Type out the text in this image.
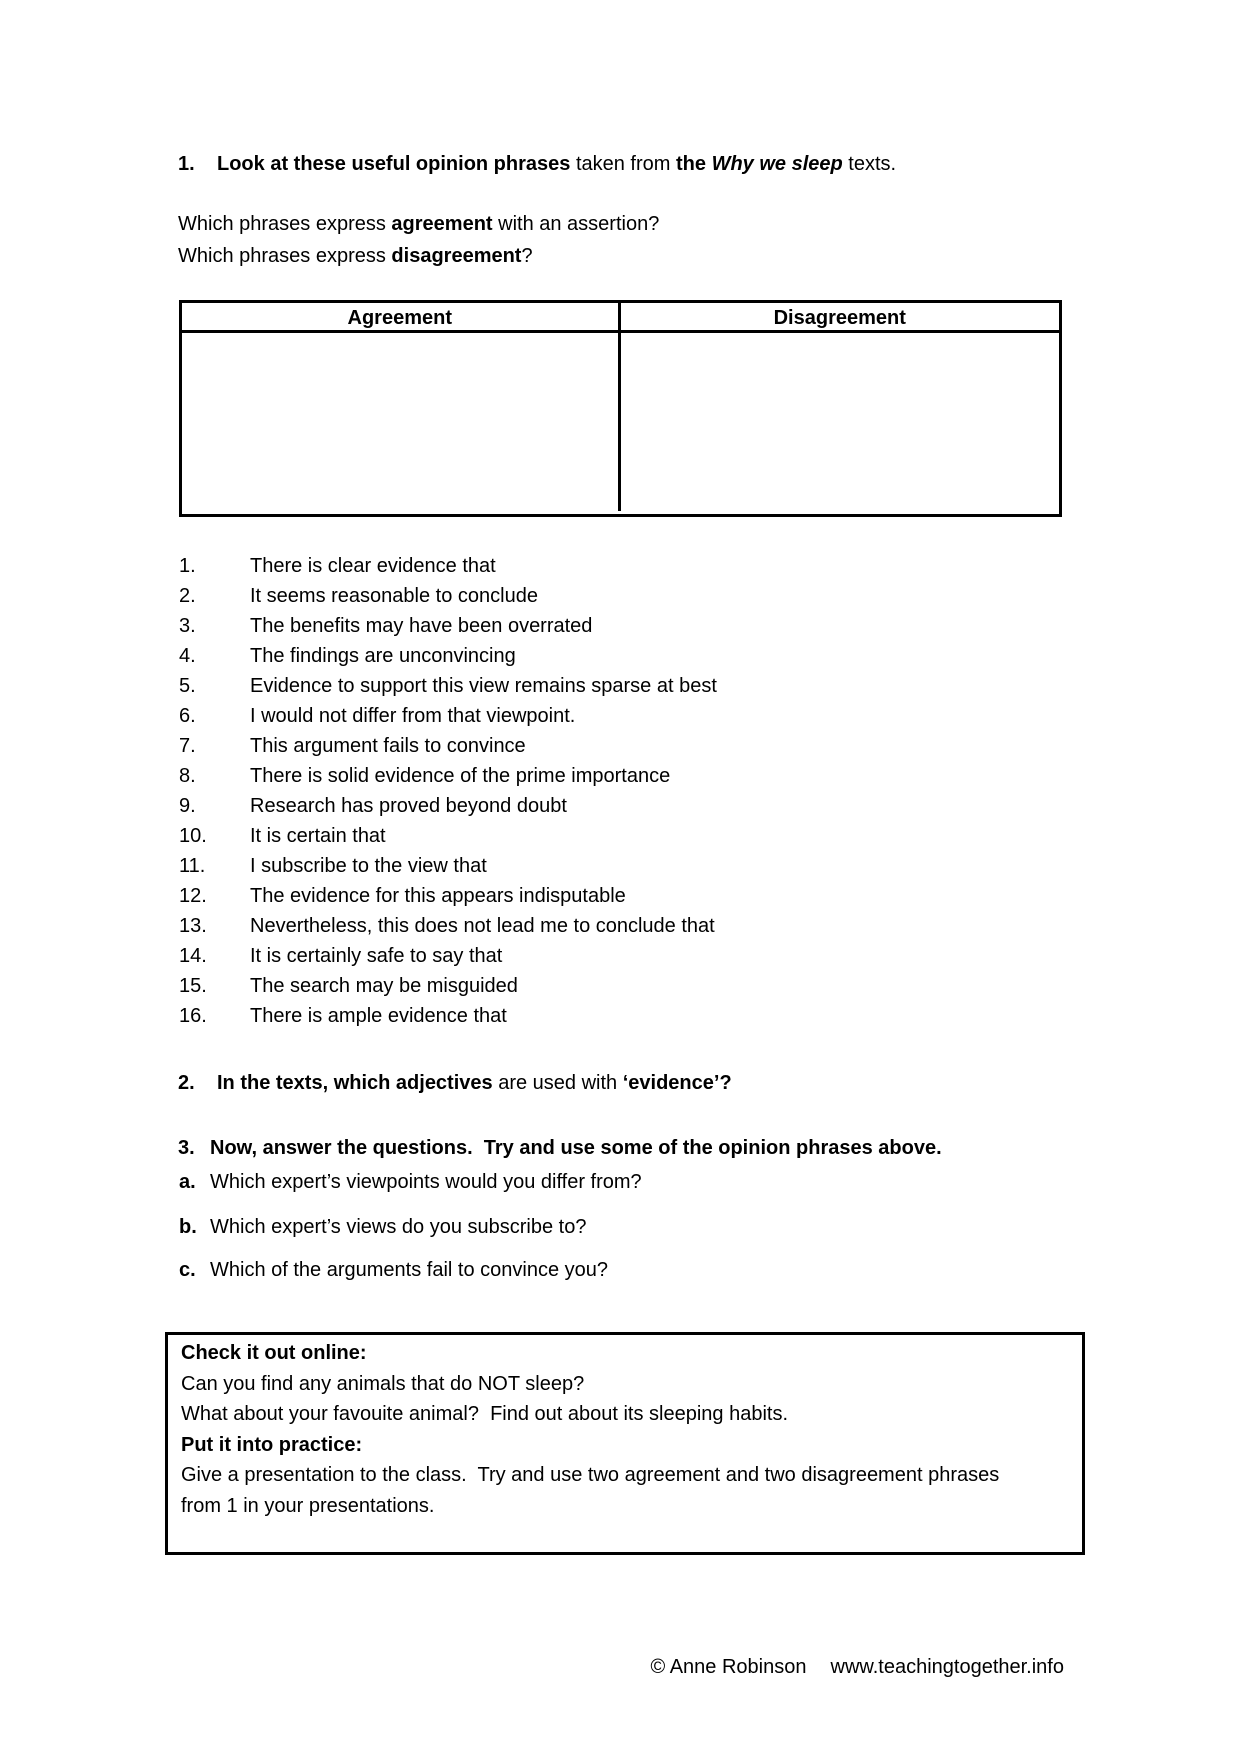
1. Look at these useful opinion phrases taken from the Why we sleep texts.
Which phrases express agreement with an assertion?
Which phrases express disagreement?
Agreement	Disagreement
1.	There is clear evidence that
2.	It seems reasonable to conclude
3.	The benefits may have been overrated
4.	The findings are unconvincing
5.	Evidence to support this view remains sparse at best
6.	I would not differ from that viewpoint.
7.	This argument fails to convince
8.	There is solid evidence of the prime importance
9.	Research has proved beyond doubt
10. It is certain that
11. I subscribe to the view that
12. The evidence for this appears indisputable
13. Nevertheless, this does not lead me to conclude that
14. It is certainly safe to say that
15. The search may be misguided
16. There is ample evidence that
2. In the texts, which adjectives are used with ‘evidence’?
3. Now, answer the questions.  Try and use some of the opinion phrases above.
a. Which expert’s viewpoints would you differ from?
b. Which expert’s views do you subscribe to?
c. Which of the arguments fail to convince you?
Check it out online:
Can you find any animals that do NOT sleep?
What about your favouite animal?  Find out about its sleeping habits.
Put it into practice:
Give a presentation to the class.  Try and use two agreement and two disagreement phrases from 1 in your presentations.
© Anne Robinson www.teachingtogether.info
